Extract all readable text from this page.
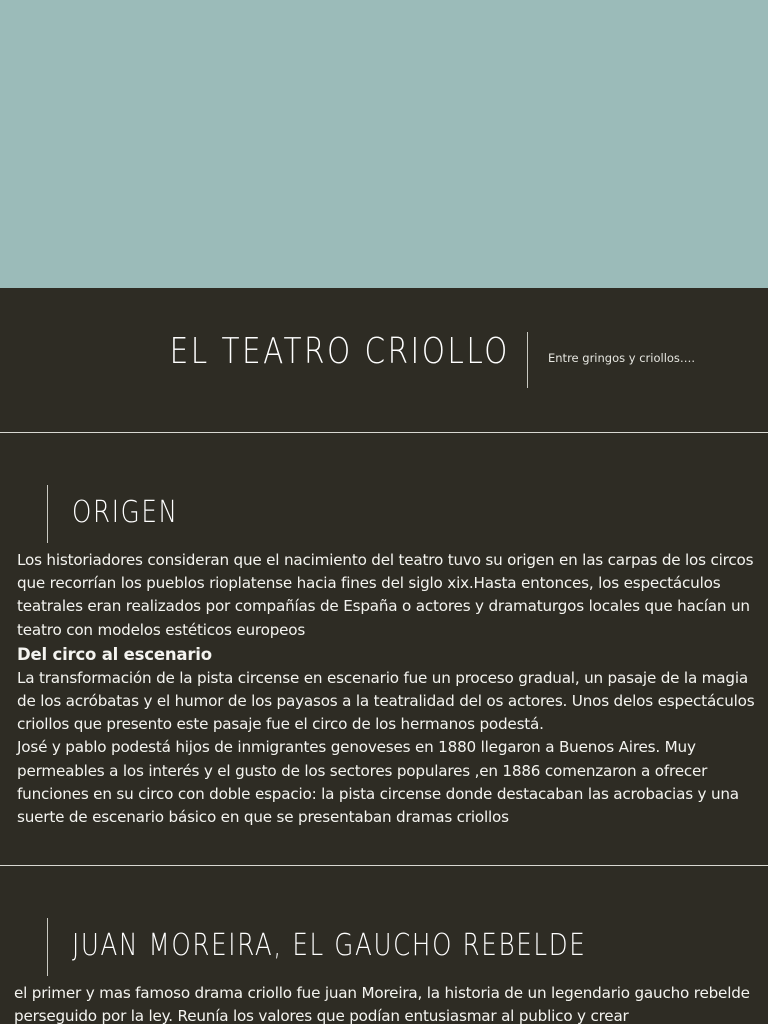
EL TEATRO CRIOLLO	Entre gringos y criollos….
ORIGEN

Los historiadores consideran que el nacimiento del teatro tuvo su origen en las carpas de los circos que recorrían los pueblos rioplatense hacia fines del siglo xix.Hasta entonces, los espectáculos teatrales eran realizados por compañías de España o actores y dramaturgos locales que hacían un teatro con modelos estéticos europeos

Del circo al escenario

La transformación de la pista circense en escenario fue un proceso gradual, un pasaje de la magia de los acróbatas y el humor de los payasos a la teatralidad del os actores. Unos delos espectáculos criollos que presento este pasaje fue el circo de los hermanos podestá.

José y pablo podestá hijos de inmigrantes genoveses en 1880 llegaron a Buenos Aires. Muy permeables a los interés y el gusto de los sectores populares ,en 1886 comenzaron a ofrecer funciones en su circo con doble espacio: la pista circense donde destacaban las acrobacias y una suerte de escenario básico en que se presentaban dramas criollos

JUAN MOREIRA, EL GAUCHO REBELDE

el primer y mas famoso drama criollo fue juan Moreira, la historia de un legendario gaucho rebelde perseguido por la ley. Reunía los valores que podían entusiasmar al publico y crear
